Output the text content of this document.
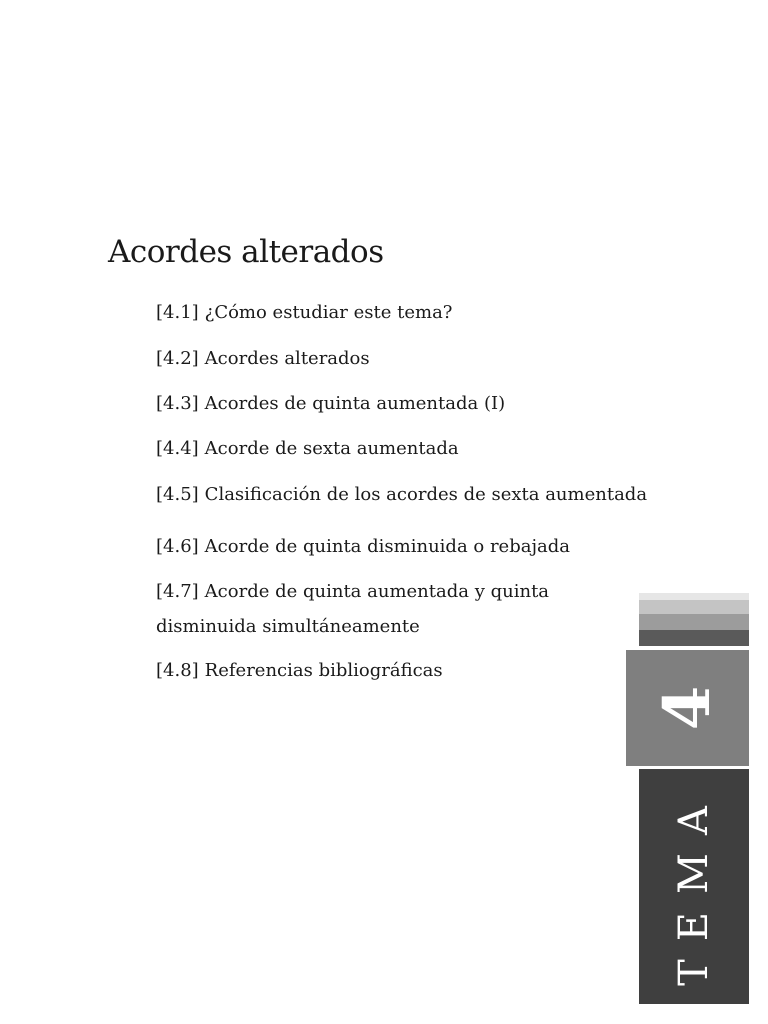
Acordes alterados
[4.1] ¿Cómo estudiar este tema?
[4.2] Acordes alterados
[4.3] Acordes de quinta aumentada (I)
[4.4] Acorde de sexta aumentada
[4.5] Clasificación de los acordes de sexta aumentada
[4.6] Acorde de quinta disminuida o rebajada
[4.7] Acorde de quinta aumentada y quinta
disminuida simultáneamente
[4.8] Referencias bibliográficas
4
TEMA
